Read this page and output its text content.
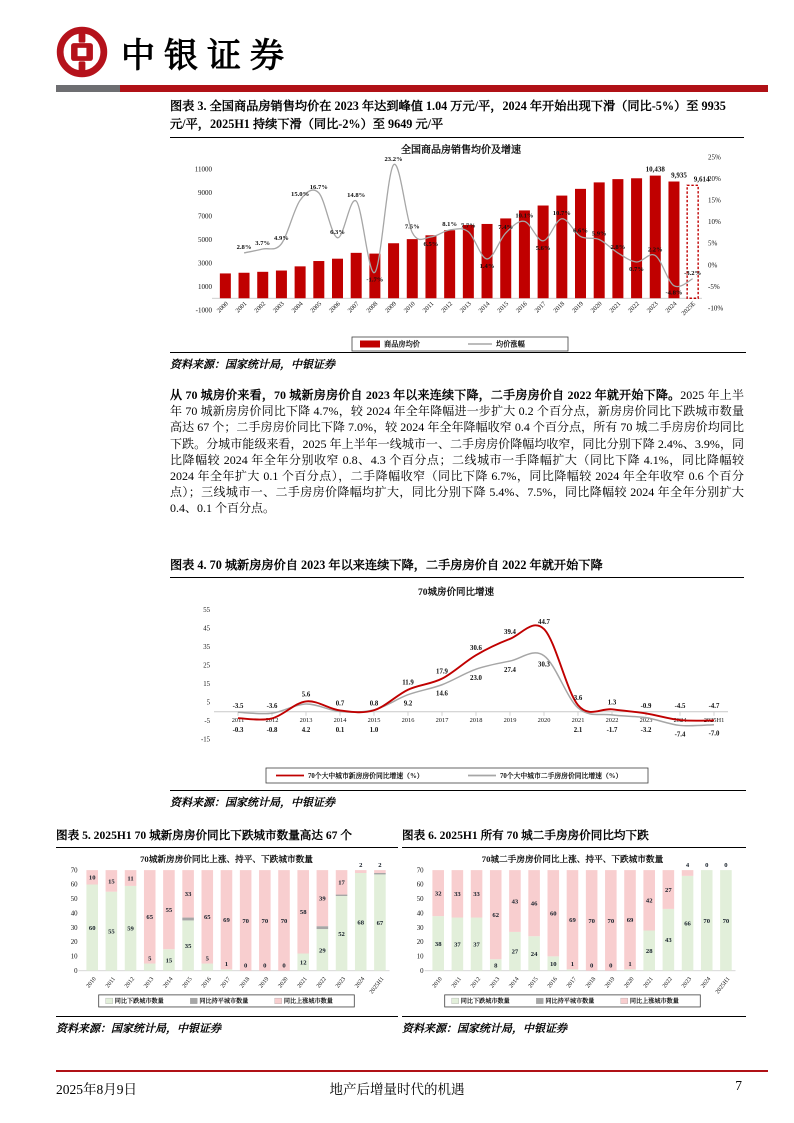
中银证券
图表 3. 全国商品房销售均价在 2023 年达到峰值 1.04 万元/平，2024 年开始出现下滑（同比-5%）至 9935 元/平，2025H1 持续下滑（同比-2%）至 9649 元/平
全国商品房销售均价及增速
-1000
1000
3000
5000
7000
9000
11000
-10%
-5%
0%
5%
10%
15%
20%
25%
2000 2001 2002 2003 2004 2005 2006 2007 2008 2009 2010 2011 2012 2013 2014 2015 2016 2017 2018 2019 2020 2021 2022 2023 2024 2025E
10,438
9,935 9,614
2.8%
3.7%
4.9%
15.0%
16.7%
6.3%
14.8%
-1.7%
23.2%
7.5%
6.5%
8.1% 7.7%
1.4%
7.4%
10.1%
5.6%
10.7%
6.6% 5.9%
2.8%
0.7%
2.2%
-4.8%
-3.2%
商品房均价	均价涨幅
资料来源：国家统计局，中银证券
从 70 城房价来看，70 城新房房价自 2023 年以来连续下降，二手房房价自 2022 年就开始下降。2025 年上半年 70 城新房房价同比下降 4.7%，较 2024 年全年降幅进一步扩大 0.2 个百分点，新房房价同比下跌城市数量高达 67 个；二手房房价同比下降 7.0%，较 2024 年全年降幅收窄 0.4 个百分点，所有 70 城二手房房价均同比下跌。分城市能级来看，2025 年上半年一线城市一、二手房房价降幅均收窄，同比分别下降 2.4%、3.9%，同比降幅较 2024 年全年分别收窄 0.8、4.3 个百分点；二线城市一手降幅扩大（同比下降 4.1%，同比降幅较 2024 年全年扩大 0.1 个百分点），二手降幅收窄（同比下降 6.7%，同比降幅较 2024 年全年收窄 0.6 个百分点）；三线城市一、二手房房价降幅均扩大，同比分别下降 5.4%、7.5%，同比降幅较 2024 年全年分别扩大 0.4、0.1 个百分点。
图表 4. 70 城新房房价自 2023 年以来连续下降，二手房房价自 2022 年就开始下降
70城房价同比增速
55
45
35
25
15
5
-5
-15
2011	2012	2013	2014	2015	2016	2017	2018	2019	2020	2021	2022	2023	2024	2025H1
-3.5	-3.6
5.6
0.7	0.8
11.9
17.9
30.6
39.4
44.7
3.6
1.3
-0.9	-4.5	-4.7
-0.3	-0.8	4.2	0.1	1.0
9.2
14.6
23.0
27.4
30.3
2.1	-1.7	-3.2
-7.4	-7.0
70个大中城市新房房价同比增速（%）	70个大中城市二手房房价同比增速（%）
资料来源：国家统计局，中银证券
图表 5. 2025H1 70 城新房房价同比下跌城市数量高达 67 个
70城新房房价同比上涨、持平、下跌城市数量
0
10
20
30
40
50
60
70
60
10
2010
55
15
2011
59
11
2012
5
65
2013
15
55
2014
35
33
2015
5
65
2016
1
69
2017
0
70
2018
0
70
2019
0
70
2020
12
58
2021
29
39
2022
52
17
2023
68
2
2024
67
2
2025H1
同比下跌城市数量	同比持平城市数量	同比上涨城市数量
资料来源：国家统计局，中银证券
图表 6. 2025H1 所有 70 城二手房房价同比均下跌
70城二手房房价同比上涨、持平、下跌城市数量
0
10
20
30
40
50
60
70
38
32
2010
37
33
2011
37
33
2012
8
62
2013
27
43
2014
24
46
2015
10
60
2016
1
69
2017
0
70
2018
0
70
2019
1
69
2020
28
42
2021
43
27
2022
66
4
2023
70
0
2024
70
0
2025H1
同比下跌城市数量	同比持平城市数量	同比上涨城市数量
资料来源：国家统计局，中银证券
2025年8月9日	地产后增量时代的机遇	7
